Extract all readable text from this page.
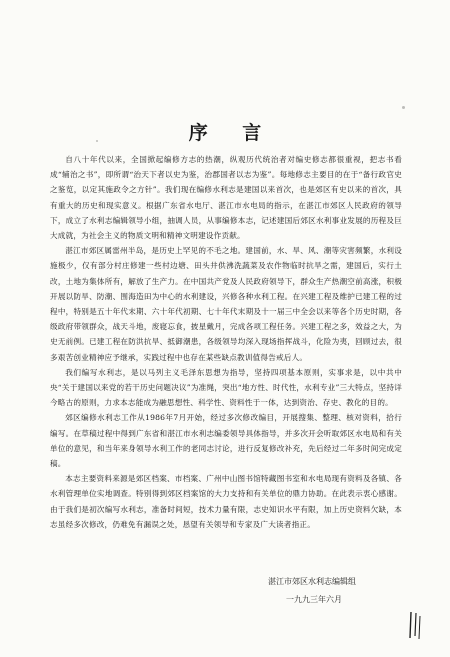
序 言

自八十年代以来，全国掀起编修方志的热潮，纵观历代统治者对编史修志都很重视，把志书看成“辅治之书”，即所谓“治天下者以史为鉴，治郡国者以志为鉴”。每地修志主要目的在于“备行政官史之鉴览，以定其施政令之方针”。我们现在编修水利志是建国以来首次，也是郊区有史以来的首次，具有重大的历史和现实意义。根据广东省水电厅、湛江市水电局的指示，在湛江市郊区人民政府的领导下，成立了水利志编辑领导小组，抽调人员，从事编修本志，记述建国后郊区水利事业发展的历程及巨大成就，为社会主义的物质文明和精神文明建设作贡献。

湛江市郊区属雷州半岛，是历史上罕见的不毛之地。建国前，水、旱、风、潮等灾害频繁，水利设施极少，仅有部分村庄修建一些村边塘、田头井供沸洗蔬菜及农作物临时抗旱之需，建国后，实行土改，土地为集体所有，解放了生产力。在中国共产党及人民政府领导下，群众生产热潮空前高涨，积极开展以防旱、防潮、围海造田为中心的水利建设，兴修各种水利工程。在兴建工程及维护已建工程的过程中，特别是五十年代末期、六十年代初期、七十年代末期及十一届三中全会以来等各个历史时期，各级政府带领群众，战天斗地，废寝忘食，披星戴月，完成各项工程任务。兴建工程之多，效益之大，为史无前例。已建工程在防洪抗旱、抵御潮患，各级领导均深入现场指挥战斗，化险为夷，回顾过去，很多艰苦创业精神应予继承，实践过程中也存在某些缺点教训值得告戒后人。

我们编写水利志，是以马列主义毛泽东思想为指导，坚持四项基本原则，实事求是，以中共中央“关于建国以来党的若干历史问题决议”为准绳，突出“地方性、时代性，水利专业”三大特点，坚持详今略古的原则，力求本志能成为融思想性、科学性、资料性于一体，达到资治、存史、教化的目的。

郊区编修水利志工作从1986年7月开始，经过多次修改编目，开展搜集、整理、核对资料，拾行编写。在草稿过程中得到广东省和湛江市水利志编委领导具体指导，并多次开会听取郊区水电局和有关单位的意见，和当年来身领导水利工作的老同志讨论，进行反复修改补充，先后经过二年多时间完成定稿。

本志主要资料来源是郊区档案、市档案、广州中山图书馆特藏图书室和水电局现有资料及各镇、各水利管理单位实地调查。特别得到郊区档案馆的大力支持和有关单位的鼎力协助。在此表示衷心感谢。由于我们是初次编写水利志，准备时间短，技术力量有限，志史知识水平有限，加上历史资料欠缺，本志虽经多次修改，仍难免有漏误之处，恳望有关领导和专家及广大读者指正。

湛江市郊区水利志编辑组
一九九三年六月
